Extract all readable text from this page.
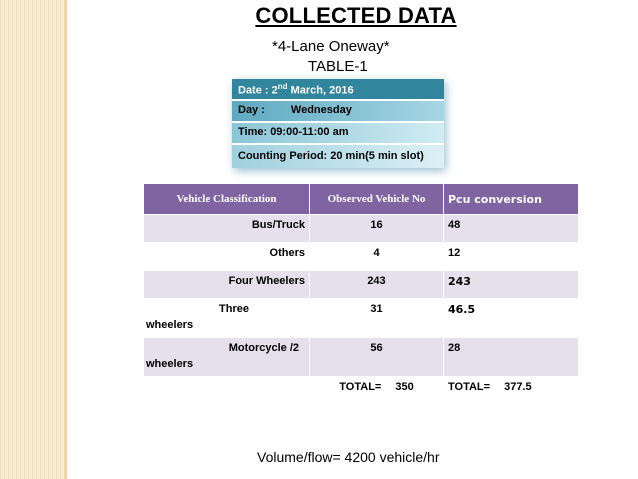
COLLECTED DATA
*4-Lane Oneway*
TABLE-1
Date : 2nd March, 2016
Day : Wednesday
Time: 09:00-11:00 am
Counting Period: 20 min(5 min slot)
Vehicle Classification	Observed Vehicle No	Pcu conversion
Bus/Truck	16	48
Others	4	12
Four Wheelers	243	243

Three
wheelers	31	46.5

Motorcycle /2
wheelers	56	28
	TOTAL= 350	TOTAL= 377.5
Volume/flow= 4200 vehicle/hr
